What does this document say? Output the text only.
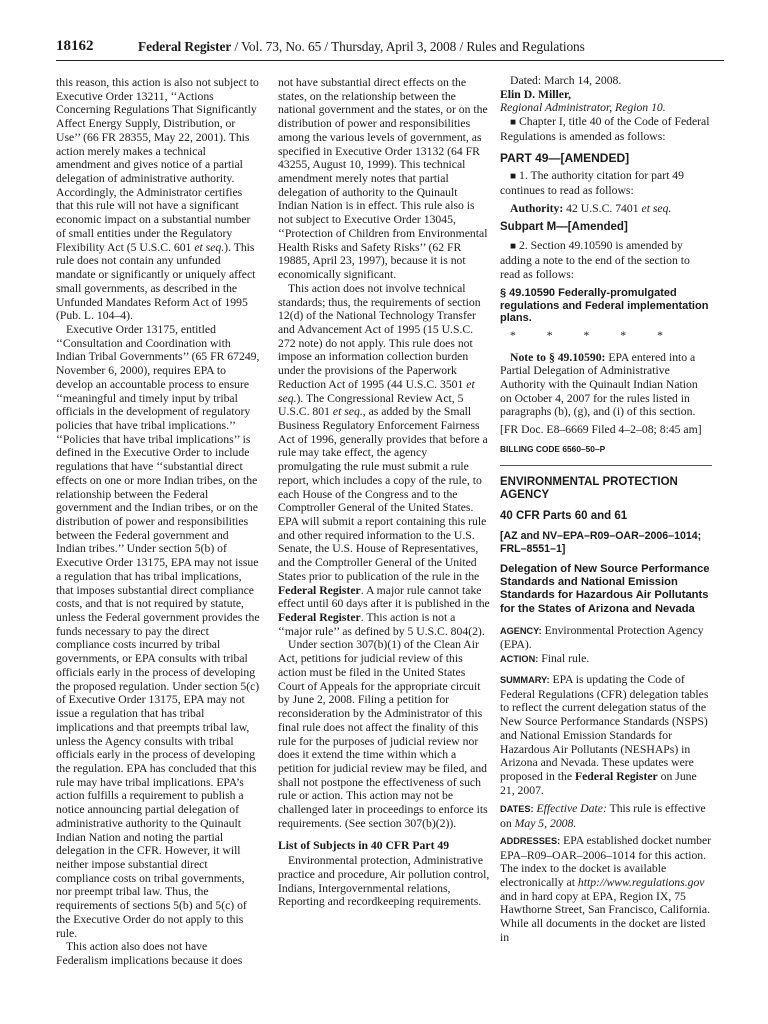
18162	Federal Register / Vol. 73, No. 65 / Thursday, April 3, 2008 / Rules and Regulations

this reason, this action is also not subject to Executive Order 13211, ‘‘Actions Concerning Regulations That Significantly Affect Energy Supply, Distribution, or Use’’ (66 FR 28355, May 22, 2001). This action merely makes a technical amendment and gives notice of a partial delegation of administrative authority. Accordingly, the Administrator certifies that this rule will not have a significant economic impact on a substantial number of small entities under the Regulatory Flexibility Act (5 U.S.C. 601 et seq.). This rule does not contain any unfunded mandate or significantly or uniquely affect small governments, as described in the Unfunded Mandates Reform Act of 1995 (Pub. L. 104–4).

Executive Order 13175, entitled ‘‘Consultation and Coordination with Indian Tribal Governments’’ (65 FR 67249, November 6, 2000), requires EPA to develop an accountable process to ensure ‘‘meaningful and timely input by tribal officials in the development of regulatory policies that have tribal implications.’’ ‘‘Policies that have tribal implications’’ is defined in the Executive Order to include regulations that have ‘‘substantial direct effects on one or more Indian tribes, on the relationship between the Federal government and the Indian tribes, or on the distribution of power and responsibilities between the Federal government and Indian tribes.’’ Under section 5(b) of Executive Order 13175, EPA may not issue a regulation that has tribal implications, that imposes substantial direct compliance costs, and that is not required by statute, unless the Federal government provides the funds necessary to pay the direct compliance costs incurred by tribal governments, or EPA consults with tribal officials early in the process of developing the proposed regulation. Under section 5(c) of Executive Order 13175, EPA may not issue a regulation that has tribal implications and that preempts tribal law, unless the Agency consults with tribal officials early in the process of developing the regulation. EPA has concluded that this rule may have tribal implications. EPA’s action fulfills a requirement to publish a notice announcing partial delegation of administrative authority to the Quinault Indian Nation and noting the partial delegation in the CFR. However, it will neither impose substantial direct compliance costs on tribal governments, nor preempt tribal law. Thus, the requirements of sections 5(b) and 5(c) of the Executive Order do not apply to this rule.

This action also does not have Federalism implications because it does

not have substantial direct effects on the states, on the relationship between the national government and the states, or on the distribution of power and responsibilities among the various levels of government, as specified in Executive Order 13132 (64 FR 43255, August 10, 1999). This technical amendment merely notes that partial delegation of authority to the Quinault Indian Nation is in effect. This rule also is not subject to Executive Order 13045, ‘‘Protection of Children from Environmental Health Risks and Safety Risks’’ (62 FR 19885, April 23, 1997), because it is not economically significant.

This action does not involve technical standards; thus, the requirements of section 12(d) of the National Technology Transfer and Advancement Act of 1995 (15 U.S.C. 272 note) do not apply. This rule does not impose an information collection burden under the provisions of the Paperwork Reduction Act of 1995 (44 U.S.C. 3501 et seq.). The Congressional Review Act, 5 U.S.C. 801 et seq., as added by the Small Business Regulatory Enforcement Fairness Act of 1996, generally provides that before a rule may take effect, the agency promulgating the rule must submit a rule report, which includes a copy of the rule, to each House of the Congress and to the Comptroller General of the United States. EPA will submit a report containing this rule and other required information to the U.S. Senate, the U.S. House of Representatives, and the Comptroller General of the United States prior to publication of the rule in the Federal Register. A major rule cannot take effect until 60 days after it is published in the Federal Register. This action is not a ‘‘major rule’’ as defined by 5 U.S.C. 804(2).

Under section 307(b)(1) of the Clean Air Act, petitions for judicial review of this action must be filed in the United States Court of Appeals for the appropriate circuit by June 2, 2008. Filing a petition for reconsideration by the Administrator of this final rule does not affect the finality of this rule for the purposes of judicial review nor does it extend the time within which a petition for judicial review may be filed, and shall not postpone the effectiveness of such rule or action. This action may not be challenged later in proceedings to enforce its requirements. (See section 307(b)(2)).

List of Subjects in 40 CFR Part 49

Environmental protection, Administrative practice and procedure, Air pollution control, Indians, Intergovernmental relations, Reporting and recordkeeping requirements.

Dated: March 14, 2008.

Elin D. Miller,

Regional Administrator, Region 10.

■ Chapter I, title 40 of the Code of Federal Regulations is amended as follows:

PART 49—[AMENDED]

■ 1. The authority citation for part 49 continues to read as follows:

Authority: 42 U.S.C. 7401 et seq.

Subpart M—[Amended]

■ 2. Section 49.10590 is amended by adding a note to the end of the section to read as follows:

§ 49.10590 Federally-promulgated regulations and Federal implementation plans.
* * * * *

Note to § 49.10590: EPA entered into a Partial Delegation of Administrative Authority with the Quinault Indian Nation on October 4, 2007 for the rules listed in paragraphs (b), (g), and (i) of this section.

[FR Doc. E8–6669 Filed 4–2–08; 8:45 am]

BILLING CODE 6560–50–P
ENVIRONMENTAL PROTECTION AGENCY
40 CFR Parts 60 and 61
[AZ and NV–EPA–R09–OAR–2006–1014; FRL–8551–1]
Delegation of New Source Performance Standards and National Emission Standards for Hazardous Air Pollutants for the States of Arizona and Nevada

AGENCY: Environmental Protection Agency (EPA).

ACTION: Final rule.

SUMMARY: EPA is updating the Code of Federal Regulations (CFR) delegation tables to reflect the current delegation status of the New Source Performance Standards (NSPS) and National Emission Standards for Hazardous Air Pollutants (NESHAPs) in Arizona and Nevada. These updates were proposed in the Federal Register on June 21, 2007.

DATES: Effective Date: This rule is effective on May 5, 2008.

ADDRESSES: EPA established docket number EPA–R09–OAR–2006–1014 for this action. The index to the docket is available electronically at http://www.regulations.gov and in hard copy at EPA, Region IX, 75 Hawthorne Street, San Francisco, California. While all documents in the docket are listed in
